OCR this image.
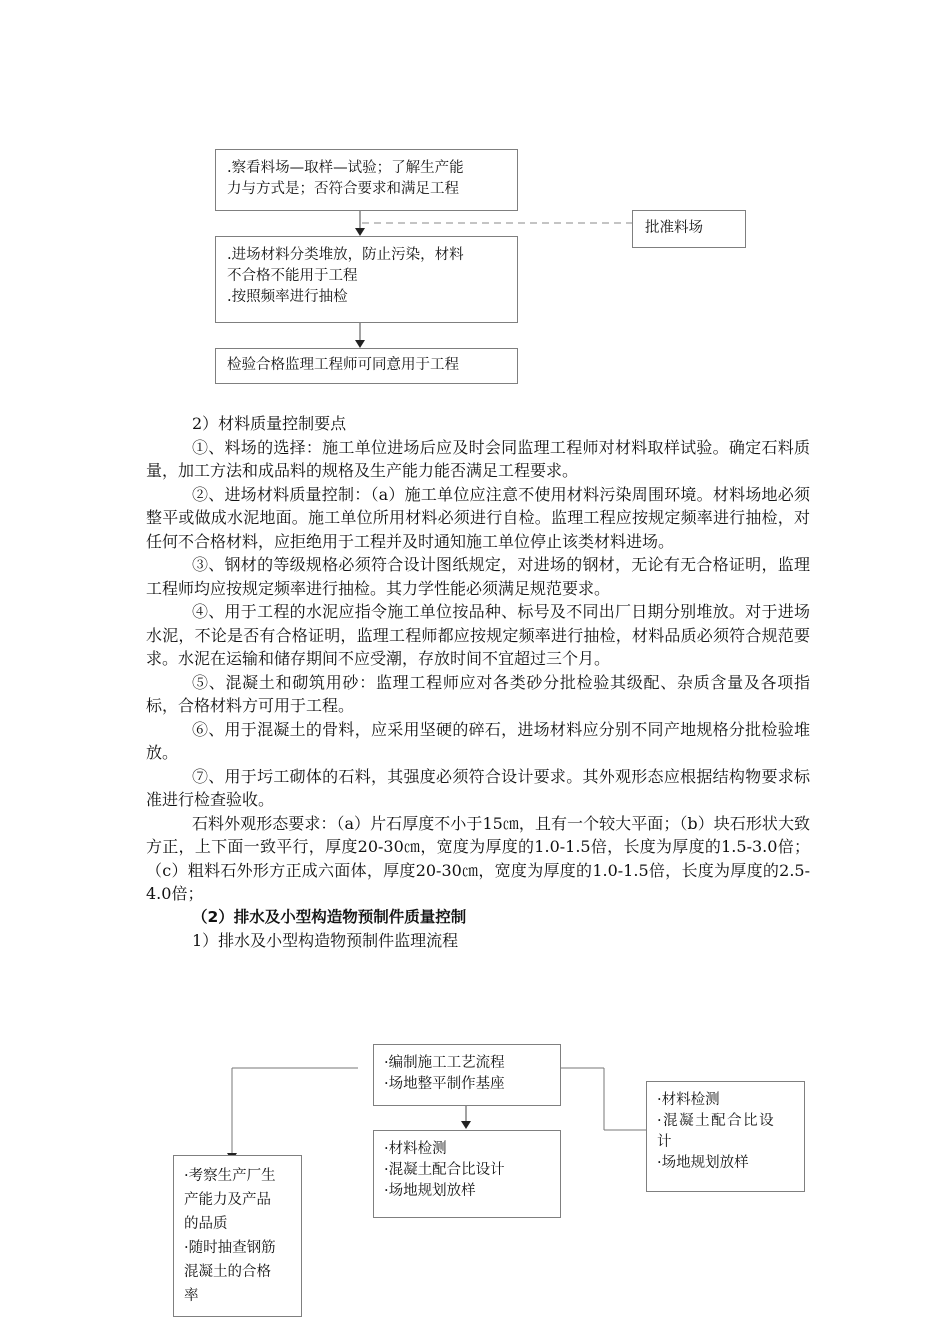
.察看料场—取样—试验；了解生产能
力与方式是；否符合要求和满足工程
批准料场
.进场材料分类堆放，防止污染，材料
不合格不能用于工程
.按照频率进行抽检
检验合格监理工程师可同意用于工程

2）材料质量控制要点

①、料场的选择：施工单位进场后应及时会同监理工程师对材料取样试验。确定石料质量，加工方法和成品料的规格及生产能力能否满足工程要求。

②、进场材料质量控制：（a）施工单位应注意不使用材料污染周围环境。材料场地必须整平或做成水泥地面。施工单位所用材料必须进行自检。监理工程应按规定频率进行抽检，对任何不合格材料，应拒绝用于工程并及时通知施工单位停止该类材料进场。

③、钢材的等级规格必须符合设计图纸规定，对进场的钢材，无论有无合格证明，监理工程师均应按规定频率进行抽检。其力学性能必须满足规范要求。

④、用于工程的水泥应指令施工单位按品种、标号及不同出厂日期分别堆放。对于进场水泥，不论是否有合格证明，监理工程师都应按规定频率进行抽检，材料品质必须符合规范要求。水泥在运输和储存期间不应受潮，存放时间不宜超过三个月。

⑤、混凝土和砌筑用砂：监理工程师应对各类砂分批检验其级配、杂质含量及各项指标，合格材料方可用于工程。

⑥、用于混凝土的骨料，应采用坚硬的碎石，进场材料应分别不同产地规格分批检验堆放。

⑦、用于圬工砌体的石料，其强度必须符合设计要求。其外观形态应根据结构物要求标准进行检查验收。

石料外观形态要求：（a）片石厚度不小于15㎝，且有一个较大平面；（b）块石形状大致方正，上下面一致平行，厚度20-30㎝，宽度为厚度的1.0-1.5倍，长度为厚度的1.5-3.0倍；（c）粗料石外形方正成六面体，厚度20-30㎝，宽度为厚度的1.0-1.5倍，长度为厚度的2.5-4.0倍；

（2）排水及小型构造物预制件质量控制

1）排水及小型构造物预制件监理流程

·编制施工工艺流程
·场地整平制作基座
·材料检测
·混凝土配合比设计
·场地规划放样
·材料检测
·混凝土配合比设
计
·场地规划放样
·考察生产厂生
产能力及产品
的品质
·随时抽查钢筋
混凝土的合格
率
